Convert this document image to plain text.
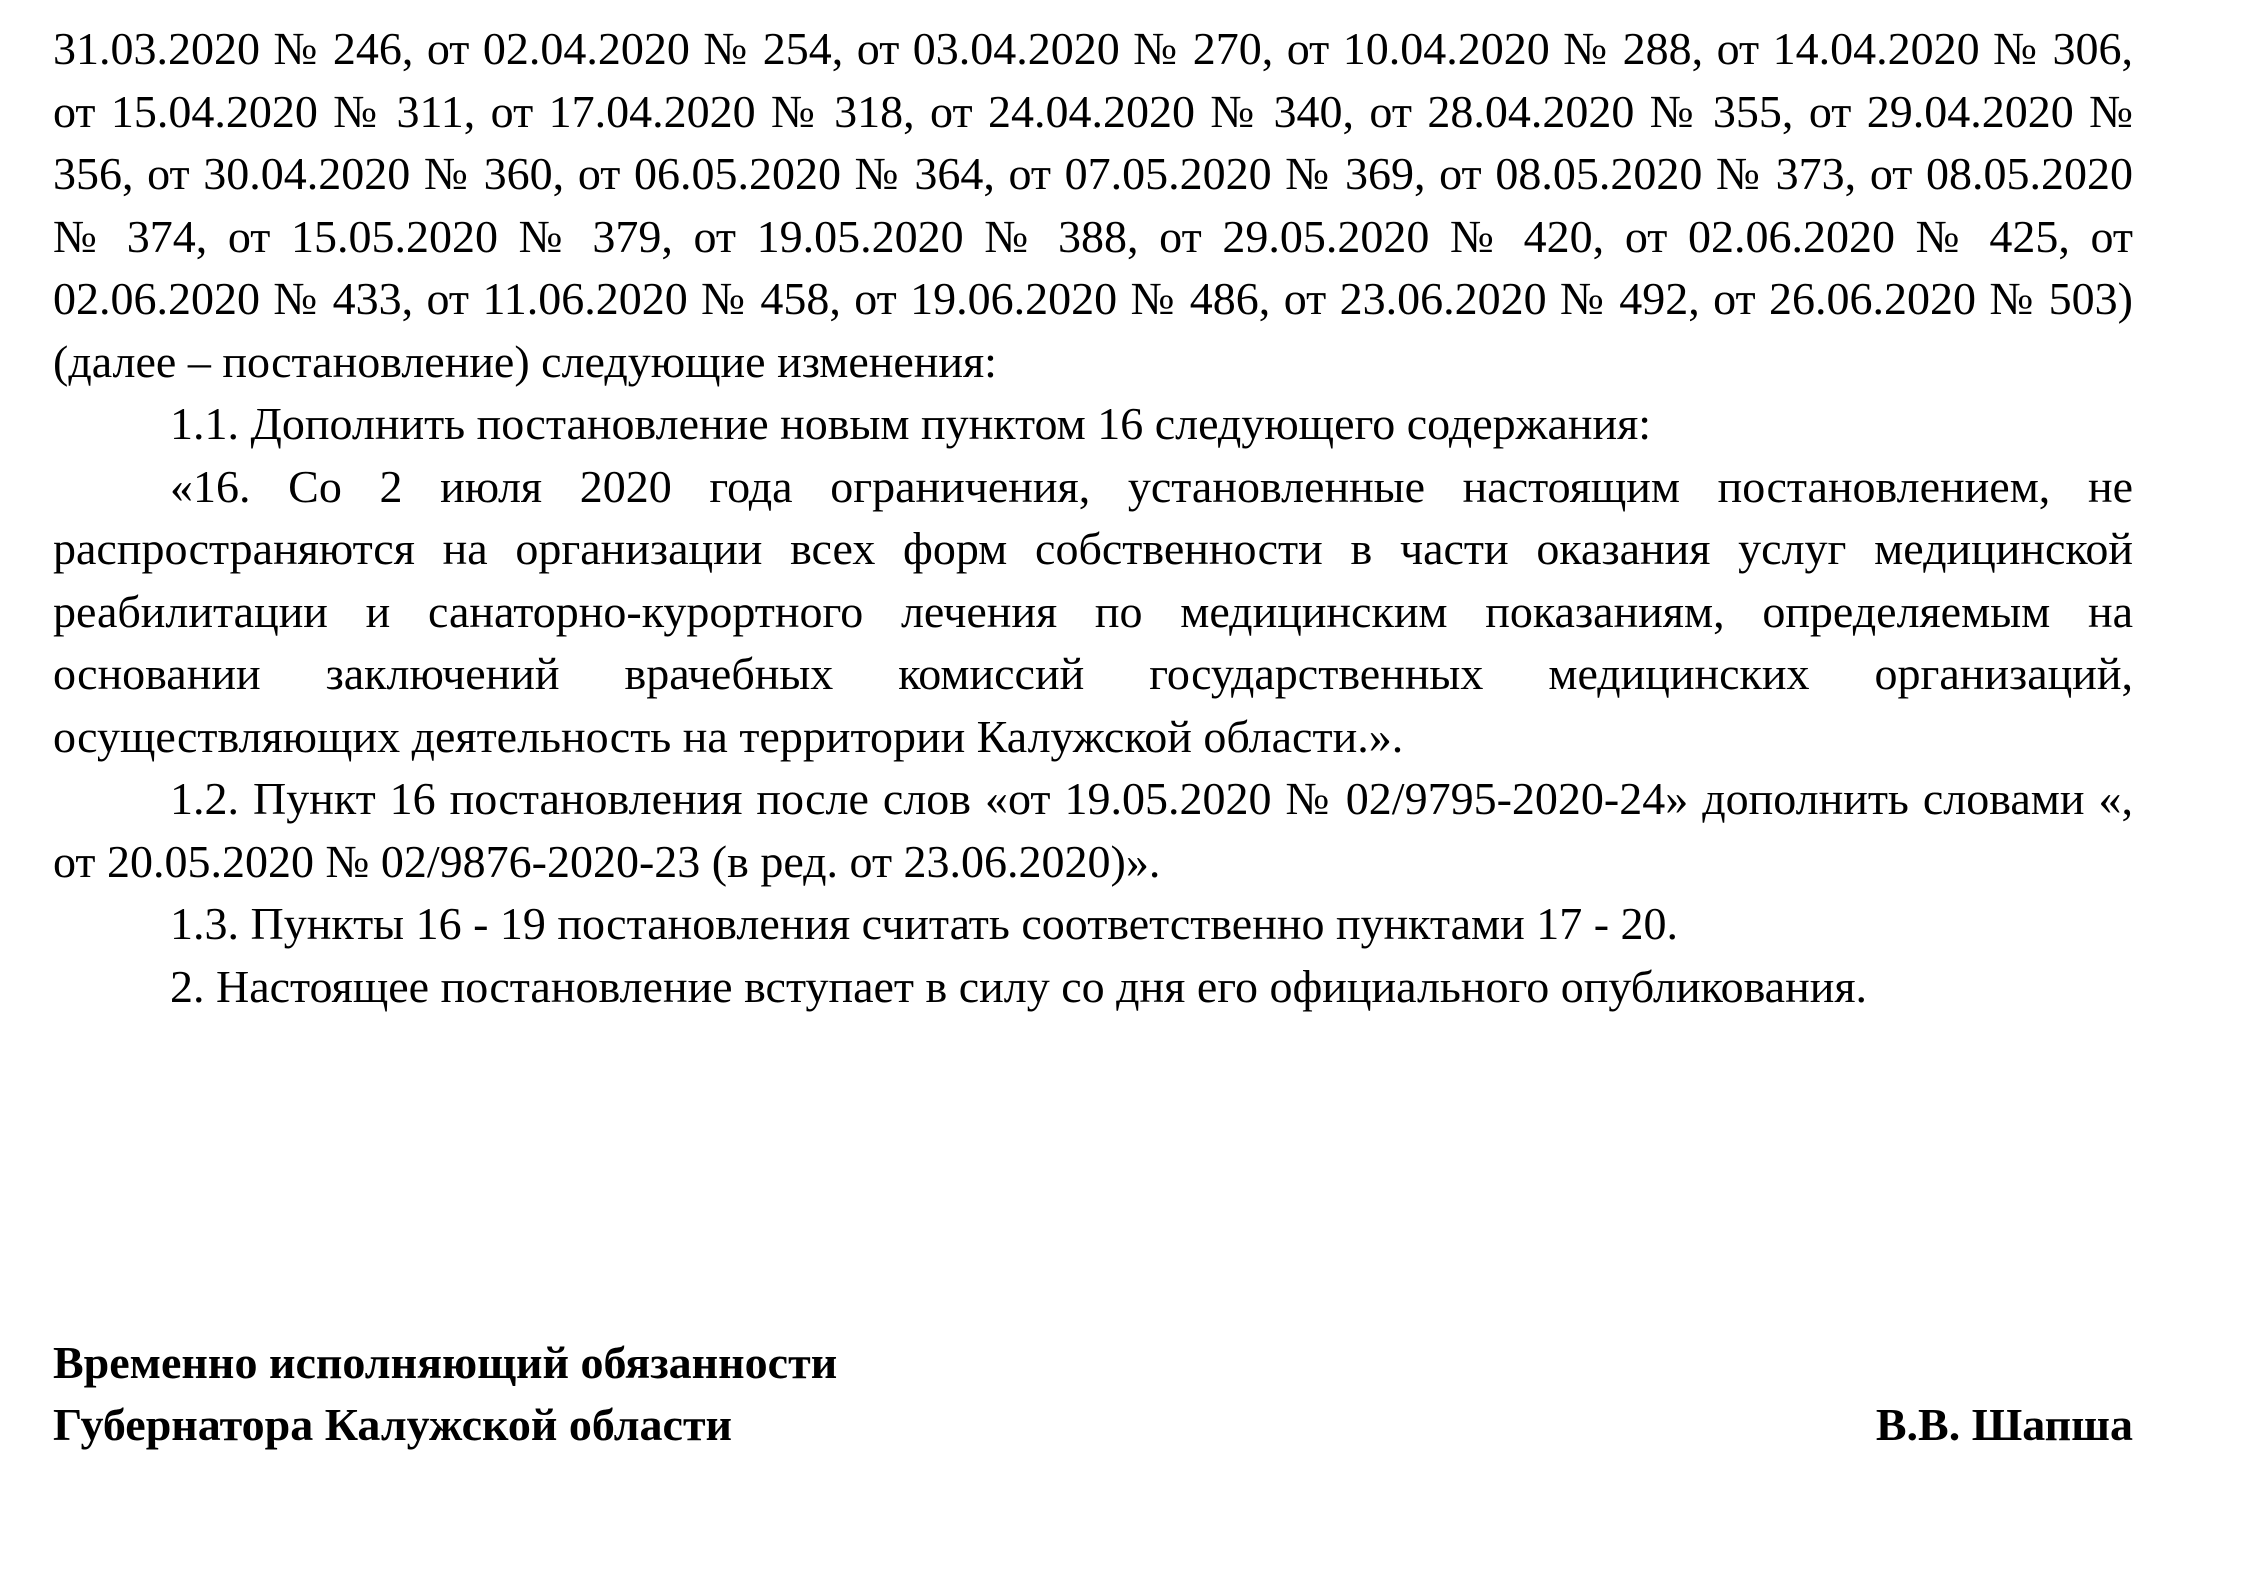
31.03.2020 № 246, от 02.04.2020 № 254, от 03.04.2020 № 270, от 10.04.2020 № 288, от 14.04.2020 № 306, от 15.04.2020 № 311, от 17.04.2020 № 318, от 24.04.2020 № 340, от 28.04.2020 № 355, от 29.04.2020 № 356, от 30.04.2020 № 360, от 06.05.2020 № 364, от 07.05.2020 № 369, от 08.05.2020 № 373, от 08.05.2020 № 374, от 15.05.2020 № 379, от 19.05.2020 № 388, от 29.05.2020 № 420, от 02.06.2020 № 425, от 02.06.2020 № 433, от 11.06.2020 № 458, от 19.06.2020 № 486, от 23.06.2020 № 492, от 26.06.2020 № 503) (далее – постановление) следующие изменения:

1.1. Дополнить постановление новым пунктом 16 следующего содержания:

«16. Со 2 июля 2020 года ограничения, установленные настоящим постановлением, не распространяются на организации всех форм собственности в части оказания услуг медицинской реабилитации и санаторно-курортного лечения по медицинским показаниям, определяемым на основании заключений врачебных комиссий государственных медицинских организаций, осуществляющих деятельность на территории Калужской области.».

1.2. Пункт 16 постановления после слов «от 19.05.2020 № 02/9795-2020-24» дополнить словами «, от 20.05.2020 № 02/9876-2020-23 (в ред. от 23.06.2020)».

1.3. Пункты 16 - 19 постановления считать соответственно пунктами 17 - 20.

2. Настоящее постановление вступает в силу со дня его официального опубликования.

Временно исполняющий обязанности
Губернатора Калужской области	В.В. Шапша
